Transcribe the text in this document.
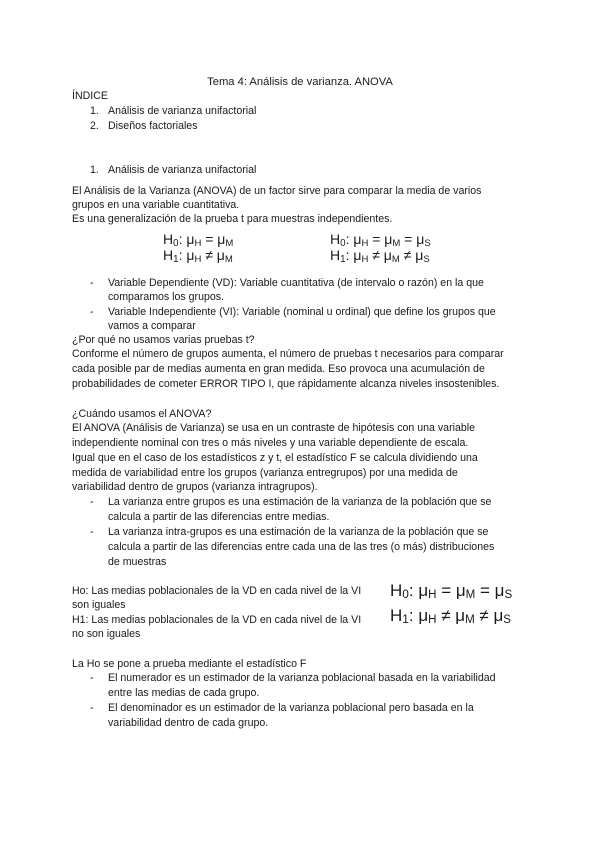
Tema 4: Análisis de varianza. ANOVA
ÍNDICE
1. Análisis de varianza unifactorial
2. Diseños factoriales
1. Análisis de varianza unifactorial
El Análisis de la Varianza (ANOVA) de un factor sirve para comparar la media de varios
grupos en una variable cuantitativa.
Es una generalización de la prueba t para muestras independientes.
$H_0$: μH = μM
$H_1$: μH ≠ μM
$H_0$: μH = μM = μS
$H_1$: μH ≠ μM ≠ μS
- Variable Dependiente (VD): Variable cuantitativa (de intervalo o razón) en la que
comparamos los grupos.
- Variable Independiente (VI): Variable (nominal u ordinal) que define los grupos que
vamos a comparar
¿Por qué no usamos varias pruebas t?
Conforme el número de grupos aumenta, el número de pruebas t necesarios para comparar
cada posible par de medias aumenta en gran medida. Eso provoca una acumulación de
probabilidades de cometer ERROR TIPO I, que rápidamente alcanza niveles insostenibles.
¿Cuándo usamos el ANOVA?
El ANOVA (Análisis de Varianza) se usa en un contraste de hipótesis con una variable
independiente nominal con tres o más niveles y una variable dependiente de escala.
Igual que en el caso de los estadísticos z y t, el estadístico F se calcula dividiendo una
medida de variabilidad entre los grupos (varianza entregrupos) por una medida de
variabilidad dentro de grupos (varianza intragrupos).
- La varianza entre grupos es una estimación de la varianza de la población que se
calcula a partir de las diferencias entre medias.
- La varianza intra-grupos es una estimación de la varianza de la población que se
calcula a partir de las diferencias entre cada una de las tres (o más) distribuciones
de muestras
Ho: Las medias poblacionales de la VD en cada nivel de la VI
son iguales
H1: Las medias poblacionales de la VD en cada nivel de la VI
no son iguales
$H_0$: μH = μM = μS
$H_1$: μH ≠ μM ≠ μS
La Ho se pone a prueba mediante el estadístico F
- El numerador es un estimador de la varianza poblacional basada en la variabilidad
entre las medias de cada grupo.
- El denominador es un estimador de la varianza poblacional pero basada en la
variabilidad dentro de cada grupo.
